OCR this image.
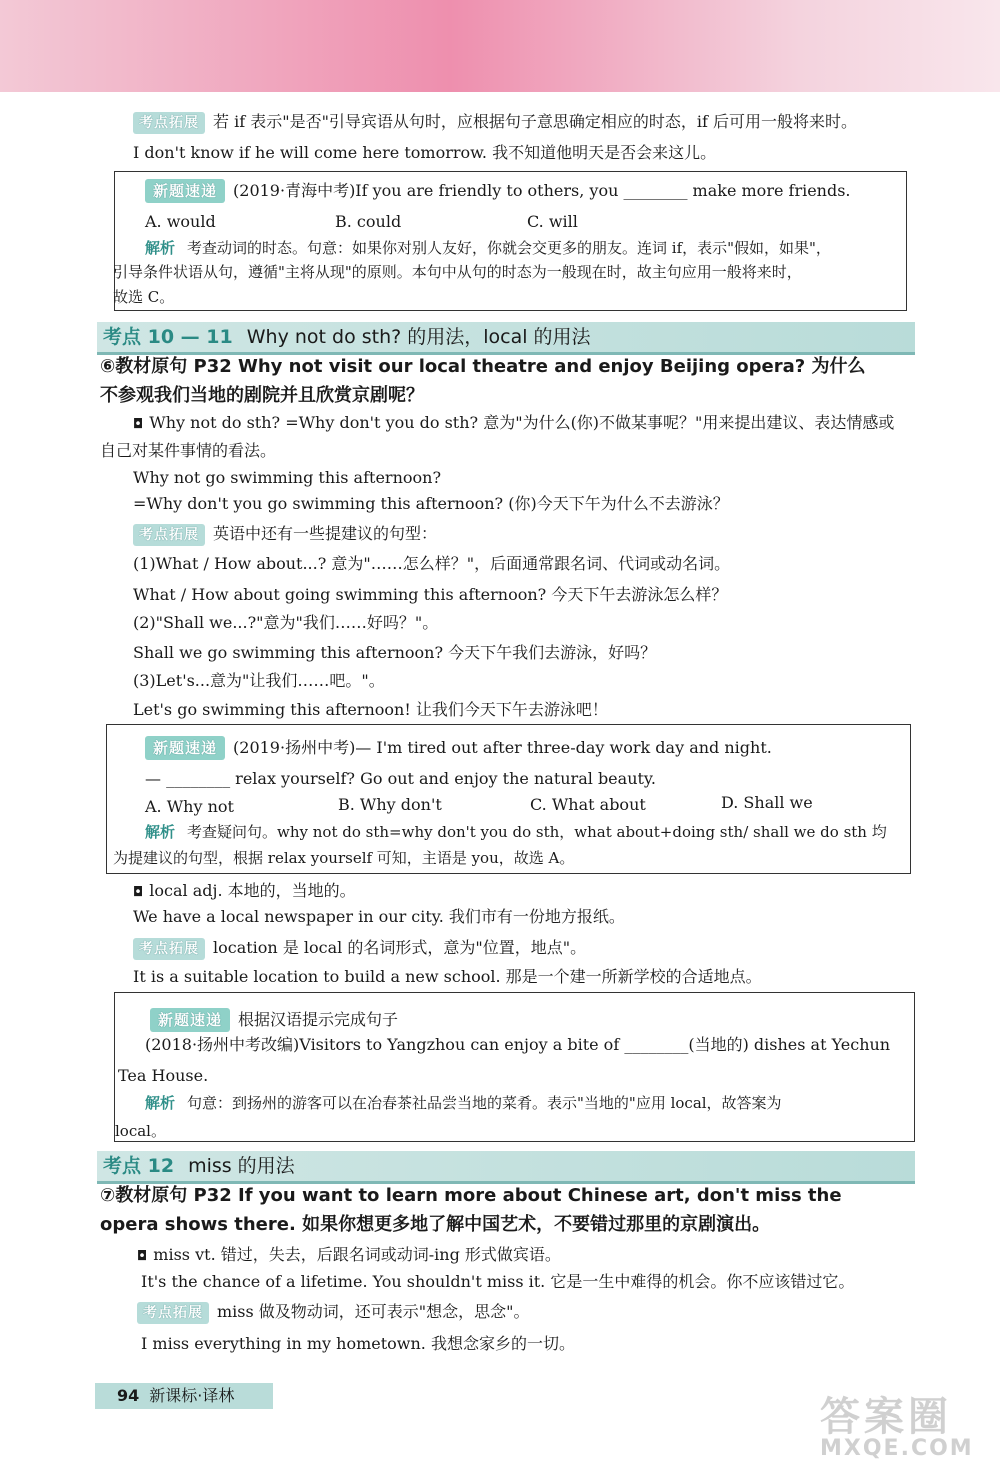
考点拓展 若 if 表示"是否"引导宾语从句时，应根据句子意思确定相应的时态，if 后可用一般将来时。
I don't know if he will come here tomorrow. 我不知道他明天是否会来这儿。
新题速递 (2019·青海中考)If you are friendly to others, you ________ make more friends.
A. would	B. could	C. will
解析 考查动词的时态。句意：如果你对别人友好，你就会交更多的朋友。连词 if，表示"假如，如果"，
引导条件状语从句，遵循"主将从现"的原则。本句中从句的时态为一般现在时，故主句应用一般将来时，
故选 C。
考点 10 — 11 Why not do sth? 的用法，local 的用法
⑥教材原句 P32 Why not visit our local theatre and enjoy Beijing opera? 为什么
不参观我们当地的剧院并且欣赏京剧呢？
◘ Why not do sth? =Why don't you do sth? 意为"为什么(你)不做某事呢？"用来提出建议、表达情感或
自己对某件事情的看法。
Why not go swimming this afternoon?
=Why don't you go swimming this afternoon? (你)今天下午为什么不去游泳？
考点拓展 英语中还有一些提建议的句型：
(1)What / How about...? 意为"……怎么样？"，后面通常跟名词、代词或动名词。
What / How about going swimming this afternoon? 今天下午去游泳怎么样？
(2)"Shall we...?"意为"我们……好吗？"。
Shall we go swimming this afternoon? 今天下午我们去游泳，好吗？
(3)Let's...意为"让我们……吧。"。
Let's go swimming this afternoon! 让我们今天下午去游泳吧！
新题速递 (2019·扬州中考)— I'm tired out after three-day work day and night.
— ________ relax yourself? Go out and enjoy the natural beauty.
A. Why not	B. Why don't	C. What about	D. Shall we
解析 考查疑问句。why not do sth=why don't you do sth，what about+doing sth/ shall we do sth 均
为提建议的句型，根据 relax yourself 可知，主语是 you，故选 A。
◘ local adj. 本地的，当地的。
We have a local newspaper in our city. 我们市有一份地方报纸。
考点拓展 location 是 local 的名词形式，意为"位置，地点"。
It is a suitable location to build a new school. 那是一个建一所新学校的合适地点。
新题速递 根据汉语提示完成句子
(2018·扬州中考改编)Visitors to Yangzhou can enjoy a bite of ________(当地的) dishes at Yechun
Tea House.
解析 句意：到扬州的游客可以在冶春茶社品尝当地的菜肴。表示"当地的"应用 local，故答案为
local。
考点 12 miss 的用法
⑦教材原句 P32 If you want to learn more about Chinese art, don't miss the
opera shows there. 如果你想更多地了解中国艺术，不要错过那里的京剧演出。
◘ miss vt. 错过，失去，后跟名词或动词-ing 形式做宾语。
It's the chance of a lifetime. You shouldn't miss it. 它是一生中难得的机会。你不应该错过它。
考点拓展 miss 做及物动词，还可表示"想念，思念"。
I miss everything in my hometown. 我想念家乡的一切。
94 新课标·译林	答案圈
MXQE.COM
